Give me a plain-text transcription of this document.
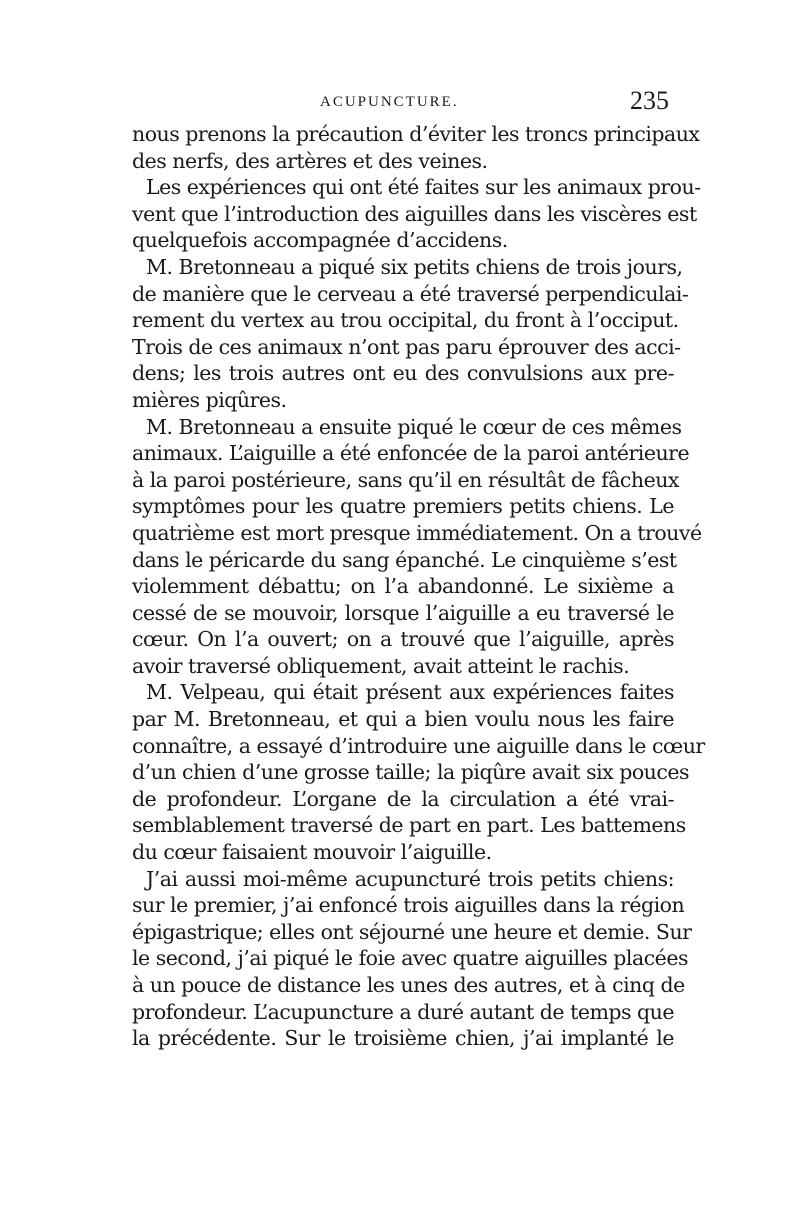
ACUPUNCTURE.	235
nous prenons la précaution d’éviter les troncs principaux
des nerfs, des artères et des veines.
Les expériences qui ont été faites sur les animaux prou-
vent que l’introduction des aiguilles dans les viscères est
quelquefois accompagnée d’accidens.
M. Bretonneau a piqué six petits chiens de trois jours,
de manière que le cerveau a été traversé perpendiculai-
rement du vertex au trou occipital, du front à l’occiput.
Trois de ces animaux n’ont pas paru éprouver des acci-
dens; les trois autres ont eu des convulsions aux pre-
mières piqûres.
M. Bretonneau a ensuite piqué le cœur de ces mêmes
animaux. L’aiguille a été enfoncée de la paroi antérieure
à la paroi postérieure, sans qu’il en résultât de fâcheux
symptômes pour les quatre premiers petits chiens. Le
quatrième est mort presque immédiatement. On a trouvé
dans le péricarde du sang épanché. Le cinquième s’est
violemment débattu; on l’a abandonné. Le sixième a
cessé de se mouvoir, lorsque l’aiguille a eu traversé le
cœur. On l’a ouvert; on a trouvé que l’aiguille, après
avoir traversé obliquement, avait atteint le rachis.
M. Velpeau, qui était présent aux expériences faites
par M. Bretonneau, et qui a bien voulu nous les faire
connaître, a essayé d’introduire une aiguille dans le cœur
d’un chien d’une grosse taille; la piqûre avait six pouces
de profondeur. L’organe de la circulation a été vrai-
semblablement traversé de part en part. Les battemens
du cœur faisaient mouvoir l’aiguille.
J’ai aussi moi-même acupuncturé trois petits chiens:
sur le premier, j’ai enfoncé trois aiguilles dans la région
épigastrique; elles ont séjourné une heure et demie. Sur
le second, j’ai piqué le foie avec quatre aiguilles placées
à un pouce de distance les unes des autres, et à cinq de
profondeur. L’acupuncture a duré autant de temps que
la précédente. Sur le troisième chien, j’ai implanté le
